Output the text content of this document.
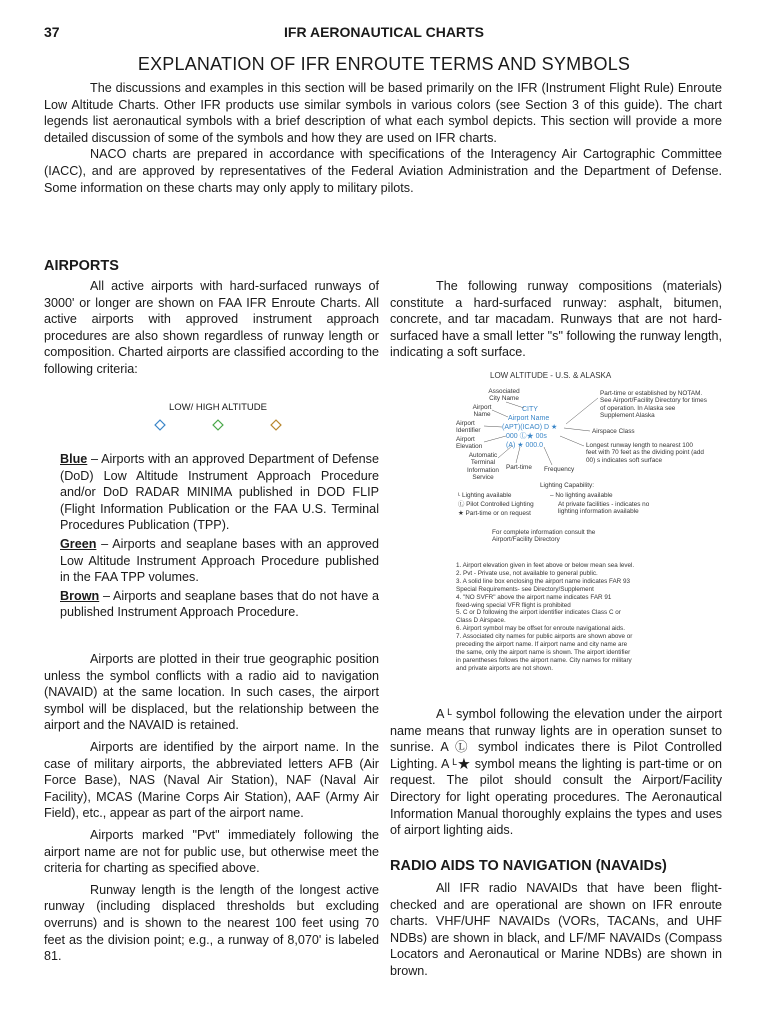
37	IFR AERONAUTICAL CHARTS
EXPLANATION OF IFR ENROUTE TERMS AND SYMBOLS

The discussions and examples in this section will be based primarily on the IFR (Instrument Flight Rule) Enroute Low Altitude Charts. Other IFR products use similar symbols in various colors (see Section 3 of this guide). The chart legends list aeronautical symbols with a brief description of what each symbol depicts. This section will provide a more detailed discussion of some of the symbols and how they are used on IFR charts.

NACO charts are prepared in accordance with specifications of the Interagency Air Cartographic Committee (IACC), and are approved by representatives of the Federal Aviation Administration and the Department of Defense. Some information on these charts may only apply to military pilots.

AIRPORTS

All active airports with hard-surfaced runways of 3000' or longer are shown on FAA IFR Enroute Charts. All active airports with approved instrument approach procedures are also shown regardless of runway length or composition. Charted airports are classified according to the following criteria:

LOW/ HIGH ALTITUDE

Blue – Airports with an approved Department of Defense (DoD) Low Altitude Instrument Approach Procedure and/or DoD RADAR MINIMA published in DOD FLIP (Flight Information Publication or the FAA U.S. Terminal Procedures Publication (TPP).

Green – Airports and seaplane bases with an approved Low Altitude Instrument Approach Procedure published in the FAA TPP volumes.

Brown – Airports and seaplane bases that do not have a published Instrument Approach Procedure.

Airports are plotted in their true geographic position unless the symbol conflicts with a radio aid to navigation (NAVAID) at the same location. In such cases, the airport symbol will be displaced, but the relationship between the airport and the NAVAID is retained.

Airports are identified by the airport name. In the case of military airports, the abbreviated letters AFB (Air Force Base), NAS (Naval Air Station), NAF (Naval Air Facility), MCAS (Marine Corps Air Station), AAF (Army Air Field), etc., appear as part of the airport name.

Airports marked "Pvt" immediately following the airport name are not for public use, but otherwise meet the criteria for charting as specified above.

Runway length is the length of the longest active runway (including displaced thresholds but excluding overruns) and is shown to the nearest 100 feet using 70 feet as the division point; e.g., a runway of 8,070' is labeled 81.

The following runway compositions (materials) constitute a hard-surfaced runway: asphalt, bitumen, concrete, and tar macadam. Runways that are not hard-surfaced have a small letter "s" following the runway length, indicating a soft surface.

LOW ALTITUDE - U.S. & ALASKA
Associated City Name
Airport Name
Airport Identifier
Airport Elevation
CITY
Airport Name
(APT)(ICAO) D ★
000 Ⓛ★ 00s
(A) ★ 000.0
Part-time or established by NOTAM. See Airport/Facility Directory for times of operation. In Alaska see Supplement Alaska
Airspace Class
Longest runway length to nearest 100 feet with 70 feet as the dividing point (add 00) s indicates soft surface
Automatic Terminal Information Service
Part-time Frequency
Lighting Capability:
ᴸ Lighting available	– No lighting available
Ⓛ Pilot Controlled Lighting	At private facilities - indicates no lighting information available
★ Part-time or on request
For complete information consult the Airport/Facility Directory
1. Airport elevation given in feet above or below mean sea level.
2. Pvt - Private use, not available to general public.
3. A solid line box enclosing the airport name indicates FAR 93
Special Requirements- see Directory/Supplement
4. "NO SVFR" above the airport name indicates FAR 91
fixed-wing special VFR flight is prohibited
5. C or D following the airport identifier indicates Class C or
Class D Airspace.
6. Airport symbol may be offset for enroute navigational aids.
7. Associated city names for public airports are shown above or
preceding the airport name. If airport name and city name are
the same, only the airport name is shown. The airport identifier
in parentheses follows the airport name. City names for military
and private airports are not shown.

A ᴸ symbol following the elevation under the airport name means that runway lights are in operation sunset to sunrise. A Ⓛ symbol indicates there is Pilot Controlled Lighting. A ᴸ★ symbol means the lighting is part-time or on request. The pilot should consult the Airport/Facility Directory for light operating procedures. The Aeronautical Information Manual thoroughly explains the types and uses of airport lighting aids.

RADIO AIDS TO NAVIGATION (NAVAIDs)

All IFR radio NAVAIDs that have been flight-checked and are operational are shown on IFR enroute charts. VHF/UHF NAVAIDs (VORs, TACANs, and UHF NDBs) are shown in black, and LF/MF NAVAIDs (Compass Locators and Aeronautical or Marine NDBs) are shown in brown.
